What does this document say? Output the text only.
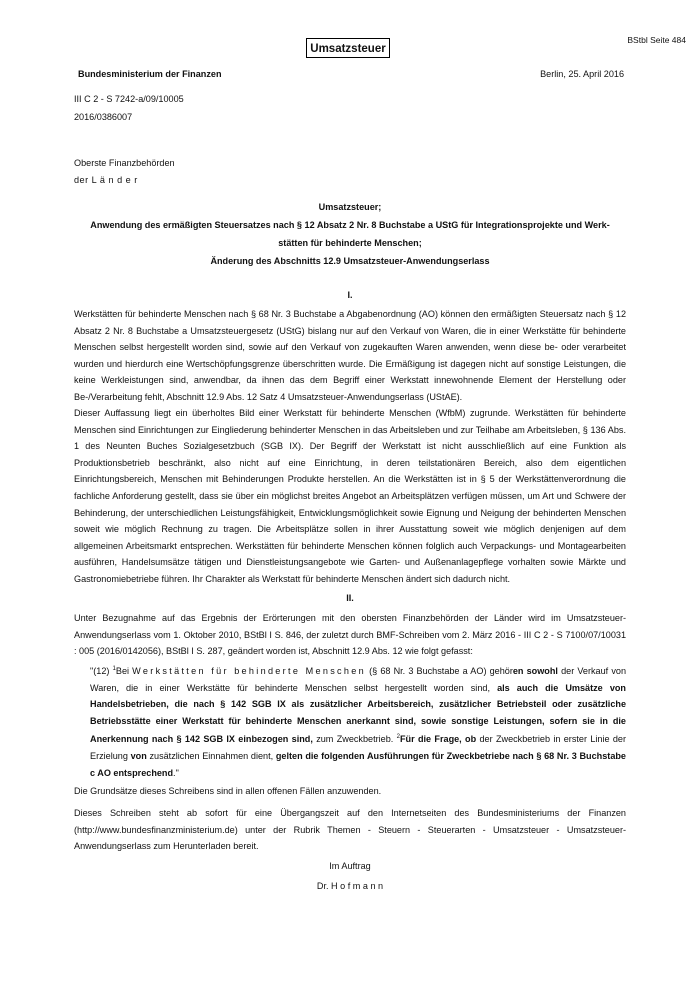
Umsatzsteuer
BStbl Seite 484
Bundesministerium der Finanzen	Berlin, 25. April 2016
III C 2 - S 7242-a/09/10005
2016/0386007
Oberste Finanzbehörden
der L ä n d e r
Umsatzsteuer;
Anwendung des ermäßigten Steuersatzes nach § 12 Absatz 2 Nr. 8 Buchstabe a UStG für Integrationsprojekte und Werk-
stätten für behinderte Menschen;
Änderung des Abschnitts 12.9 Umsatzsteuer-Anwendungserlass
I.

Werkstätten für behinderte Menschen nach § 68 Nr. 3 Buchstabe a Abgabenordnung (AO) können den ermäßigten Steuersatz nach § 12 Absatz 2 Nr. 8 Buchstabe a Umsatzsteuergesetz (UStG) bislang nur auf den Verkauf von Waren, die in einer Werkstätte für behinderte Menschen selbst hergestellt worden sind, sowie auf den Verkauf von zugekauften Waren anwenden, wenn diese be- oder verarbeitet wurden und hierdurch eine Wertschöpfungsgrenze überschritten wurde. Die Ermäßigung ist dagegen nicht auf sonstige Leistungen, die keine Werkleistungen sind, anwendbar, da ihnen das dem Begriff einer Werkstatt innewohnende Element der Herstellung oder Be-/Verarbeitung fehlt, Abschnitt 12.9 Abs. 12 Satz 4 Umsatzsteuer-Anwendungserlass (UStAE).

Dieser Auffassung liegt ein überholtes Bild einer Werkstatt für behinderte Menschen (WfbM) zugrunde. Werkstätten für behinderte Menschen sind Einrichtungen zur Eingliederung behinderter Menschen in das Arbeitsleben und zur Teilhabe am Arbeitsleben, § 136 Abs. 1 des Neunten Buches Sozialgesetzbuch (SGB IX). Der Begriff der Werkstatt ist nicht ausschließlich auf eine Funktion als Produktionsbetrieb beschränkt, also nicht auf eine Einrichtung, in deren teilstationären Bereich, also dem eigentlichen Einrichtungsbereich, Menschen mit Behinderungen Produkte herstellen. An die Werkstätten ist in § 5 der Werkstättenverordnung die fachliche Anforderung gestellt, dass sie über ein möglichst breites Angebot an Arbeitsplätzen verfügen müssen, um Art und Schwere der Behinderung, der unterschiedlichen Leistungsfähigkeit, Entwicklungsmöglichkeit sowie Eignung und Neigung der behinderten Menschen soweit wie möglich Rechnung zu tragen. Die Arbeitsplätze sollen in ihrer Ausstattung soweit wie möglich denjenigen auf dem allgemeinen Arbeitsmarkt entsprechen. Werkstätten für behinderte Menschen können folglich auch Verpackungs- und Montagearbeiten ausführen, Handelsumsätze tätigen und Dienstleistungsangebote wie Garten- und Außenanlagepflege vorhalten sowie Märkte und Gastronomiebetriebe führen. Ihr Charakter als Werkstatt für behinderte Menschen ändert sich dadurch nicht.

II.

Unter Bezugnahme auf das Ergebnis der Erörterungen mit den obersten Finanzbehörden der Länder wird im Umsatzsteuer-Anwendungserlass vom 1. Oktober 2010, BStBl I S. 846, der zuletzt durch BMF-Schreiben vom 2. März 2016 - III C 2 - S 7100/07/10031 : 005 (2016/0142056), BStBl I S. 287, geändert worden ist, Abschnitt 12.9 Abs. 12 wie folgt gefasst:

"(12) $^1$Bei Werkstätten für behinderte Menschen (§ 68 Nr. 3 Buchstabe a AO) gehören sowohl der Verkauf von Waren, die in einer Werkstätte für behinderte Menschen selbst hergestellt worden sind, als auch die Umsätze von Handelsbetrieben, die nach § 142 SGB IX als zusätzlicher Arbeitsbereich, zusätzlicher Betriebsteil oder zusätzliche Betriebsstätte einer Werkstatt für behinderte Menschen anerkannt sind, sowie sonstige Leistungen, sofern sie in die Anerkennung nach § 142 SGB IX einbezogen sind, zum Zweckbetrieb. $^2$Für die Frage, ob der Zweckbetrieb in erster Linie der Erzielung von zusätzlichen Einnahmen dient, gelten die folgenden Ausführungen für Zweckbetriebe nach § 68 Nr. 3 Buchstabe c AO entsprechend."

Die Grundsätze dieses Schreibens sind in allen offenen Fällen anzuwenden.

Dieses Schreiben steht ab sofort für eine Übergangszeit auf den Internetseiten des Bundesministeriums der Finanzen (http://www.bundesfinanzministerium.de) unter der Rubrik Themen - Steuern - Steuerarten - Umsatzsteuer - Umsatzsteuer-Anwendungserlass zum Herunterladen bereit.

Im Auftrag
Dr. H o f m a n n
